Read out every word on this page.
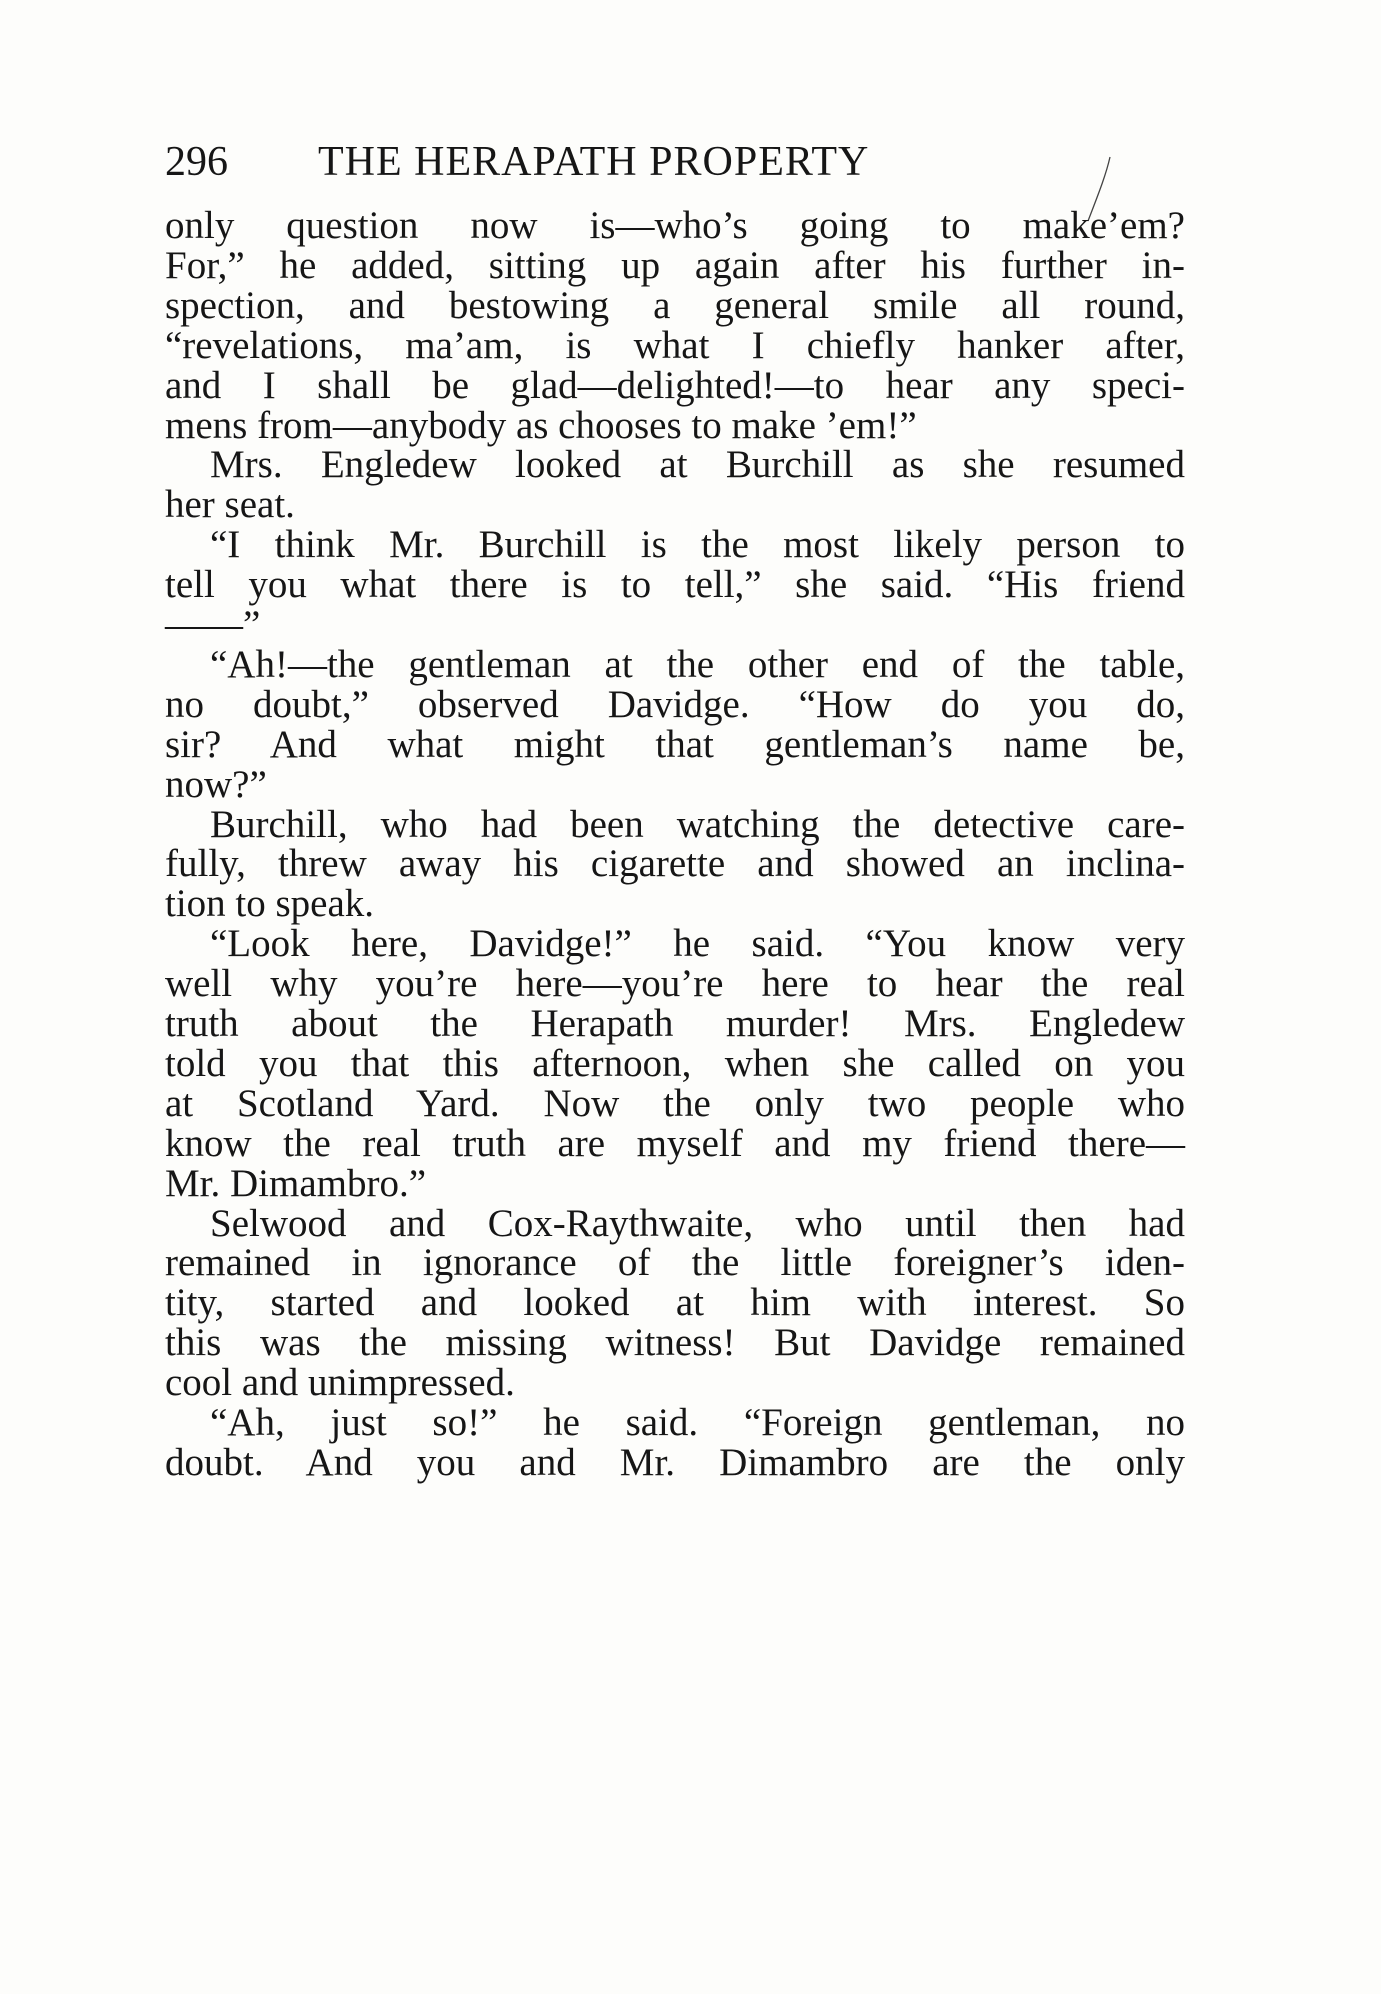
296 THE HERAPATH PROPERTY
only question now is—who’s going to make’em?
For,” he added, sitting up again after his further in-
spection, and bestowing a general smile all round,
“revelations, ma’am, is what I chiefly hanker after,
and I shall be glad—delighted!—to hear any speci-
mens from—anybody as chooses to make ’em!”
Mrs. Engledew looked at Burchill as she resumed
her seat.
“I think Mr. Burchill is the most likely person to
tell you what there is to tell,” she said. “His friend
——”
“Ah!—the gentleman at the other end of the table,
no doubt,” observed Davidge. “How do you do,
sir? And what might that gentleman’s name be,
now?”
Burchill, who had been watching the detective care-
fully, threw away his cigarette and showed an inclina-
tion to speak.
“Look here, Davidge!” he said. “You know very
well why you’re here—you’re here to hear the real
truth about the Herapath murder! Mrs. Engledew
told you that this afternoon, when she called on you
at Scotland Yard. Now the only two people who
know the real truth are myself and my friend there—
Mr. Dimambro.”
Selwood and Cox-Raythwaite, who until then had
remained in ignorance of the little foreigner’s iden-
tity, started and looked at him with interest. So
this was the missing witness! But Davidge remained
cool and unimpressed.
“Ah, just so!” he said. “Foreign gentleman, no
doubt. And you and Mr. Dimambro are the only
